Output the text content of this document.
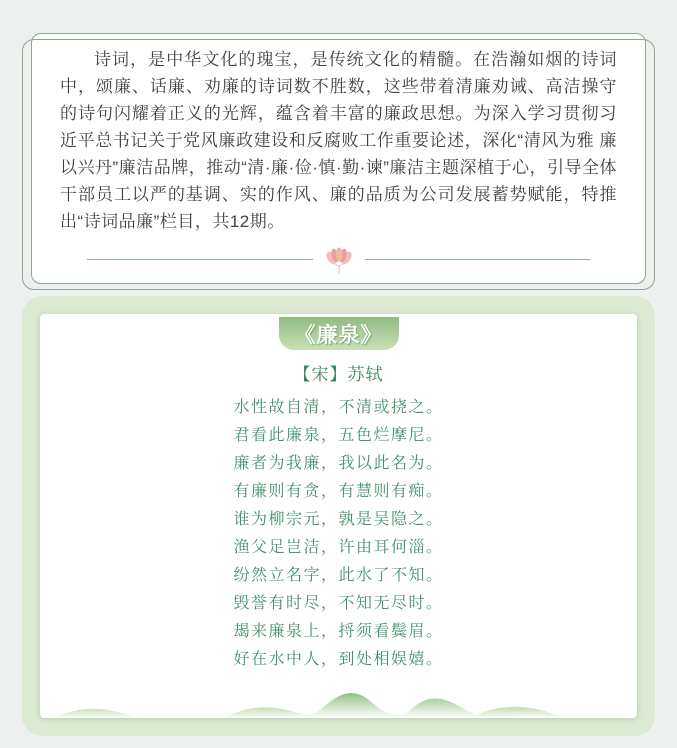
诗词，是中华文化的瑰宝，是传统文化的精髓。在浩瀚如烟的诗词中，颂廉、话廉、劝廉的诗词数不胜数，这些带着清廉劝诫、高洁操守的诗句闪耀着正义的光辉，蕴含着丰富的廉政思想。为深入学习贯彻习近平总书记关于党风廉政建设和反腐败工作重要论述，深化“清风为雅 廉以兴丹”廉洁品牌，推动“清·廉·俭·慎·勤·谏”廉洁主题深植于心，引导全体干部员工以严的基调、实的作风、廉的品质为公司发展蓄势赋能，特推出“诗词品廉”栏目，共12期。

《廉泉》
【宋】苏轼
水性故自清，不清或挠之。
君看此廉泉，五色烂摩尼。
廉者为我廉，我以此名为。
有廉则有贪，有慧则有痴。
谁为柳宗元，孰是吴隐之。
渔父足岂洁，许由耳何淄。
纷然立名字，此水了不知。
毁誉有时尽，不知无尽时。
朅来廉泉上，捋须看鬓眉。
好在水中人，到处相娱嬉。
